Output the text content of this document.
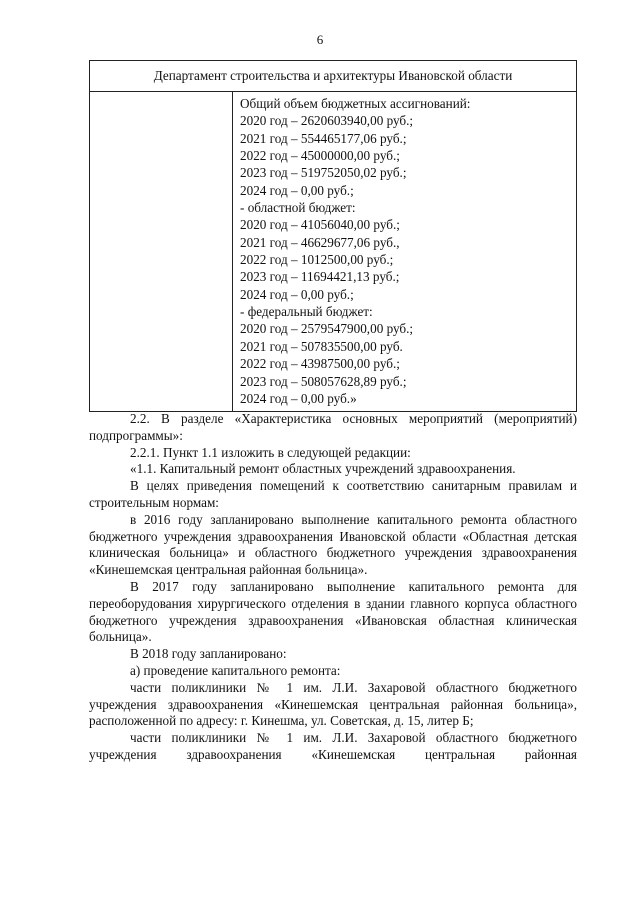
6
Департамент строительства и архитектуры Ивановской области

Общий объем бюджетных ассигнований:
2020 год – 2620603940,00 руб.;
2021 год – 554465177,06 руб.;
2022 год – 45000000,00 руб.;
2023 год – 519752050,02 руб.;
2024 год – 0,00 руб.;
- областной бюджет:
2020 год – 41056040,00 руб.;
2021 год – 46629677,06 руб.,
2022 год – 1012500,00 руб.;
2023 год – 11694421,13 руб.;
2024 год – 0,00 руб.;
- федеральный бюджет:
2020 год – 2579547900,00 руб.;
2021 год – 507835500,00 руб.
2022 год – 43987500,00 руб.;
2023 год – 508057628,89 руб.;
2024 год – 0,00 руб.»

2.2. В разделе «Характеристика основных мероприятий (мероприятий) подпрограммы»:

2.2.1. Пункт 1.1 изложить в следующей редакции:

«1.1. Капитальный ремонт областных учреждений здравоохранения.

В целях приведения помещений к соответствию санитарным правилам и строительным нормам:

в 2016 году запланировано выполнение капитального ремонта областного бюджетного учреждения здравоохранения Ивановской области «Областная детская клиническая больница» и областного бюджетного учреждения здравоохранения «Кинешемская центральная районная больница».

В 2017 году запланировано выполнение капитального ремонта для переоборудования хирургического отделения в здании главного корпуса областного бюджетного учреждения здравоохранения «Ивановская областная клиническая больница».

В 2018 году запланировано:

а) проведение капитального ремонта:

части поликлиники № 1 им. Л.И. Захаровой областного бюджетного учреждения здравоохранения «Кинешемская центральная районная больница», расположенной по адресу: г. Кинешма, ул. Советская, д. 15, литер Б;

части поликлиники № 1 им. Л.И. Захаровой областного бюджетного учреждения здравоохранения «Кинешемская центральная районная
